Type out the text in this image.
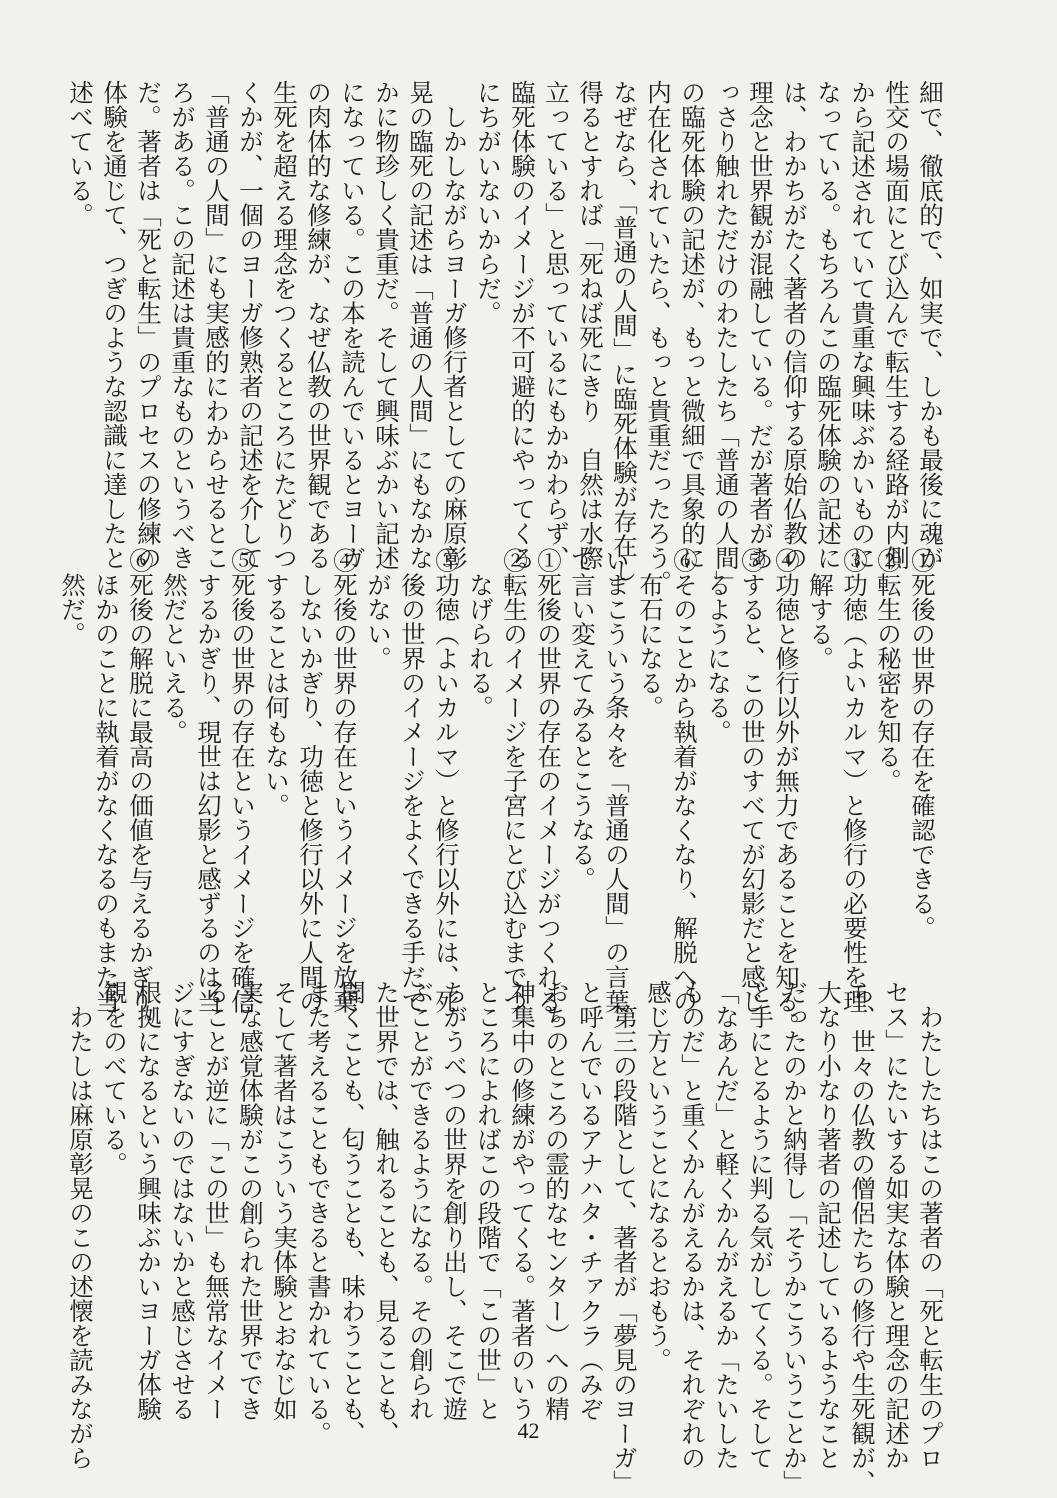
細で、徹底的で、如実で、しかも最後に魂が
性交の場面にとび込んで転生する経路が内側
から記述されていて貴重な興味ぶかいものに
なっている。もちろんこの臨死体験の記述に
は、わかちがたく著者の信仰する原始仏教の
理念と世界観が混融している。だが著者があ
っさり触れただけのわたしたち「普通の人間」
の臨死体験の記述が、もっと微細で具象的に
内在化されていたら、もっと貴重だったろう。
なぜなら、「普通の人間」に臨死体験が存在し
得るとすれば「死ねば死にきり　自然は水際
立っている」と思っているにもかかわらず、
臨死体験のイメージが不可避的にやってくる
にちがいないからだ。
　しかしながらヨーガ修行者としての麻原彰
晃の臨死の記述は「普通の人間」にもなかな
かに物珍しく貴重だ。そして興味ぶかい記述
になっている。この本を読んでいるとヨーガ
の肉体的な修練が、なぜ仏教の世界観である
生死を超える理念をつくるところにたどりつ
くかが、一個のヨーガ修熟者の記述を介して
「普通の人間」にも実感的にわからせるとこ
ろがある。この記述は貴重なものというべき
だ。著者は「死と転生」のプロセスの修練の
体験を通じて、つぎのような認識に達したと
述べている。
①死後の世界の存在を確認できる。
②転生の秘密を知る。
③功徳（よいカルマ）と修行の必要性を理
　解する。
④功徳と修行以外が無力であることを知る。
⑤すると、この世のすべてが幻影だと感じ
　るようになる。
⑥そのことから執着がなくなり、解脱への
　布石になる。
いまこういう条々を「普通の人間」の言葉
で言い変えてみるとこうなる。
①死後の世界の存在のイメージがつくれる。
②転生のイメージを子宮にとび込むまでつ
　なげられる。
③功徳（よいカルマ）と修行以外には、死
　後の世界のイメージをよくできる手だて
　がない。
④死後の世界の存在というイメージを放棄
　しないかぎり、功徳と修行以外に人間の
　することは何もない。
⑤死後の世界の存在というイメージを確信
　するかぎり、現世は幻影と感ずるのは当
　然だといえる。
⑥死後の解脱に最高の価値を与えるかぎり、
　ほかのことに執着がなくなるのもまた当
　然だ。
　わたしたちはこの著者の「死と転生のプロ
セス」にたいする如実な体験と理念の記述か
ら、世々の仏教の僧侶たちの修行や生死観が、
大なり小なり著者の記述しているようなこと
だったのかと納得し「そうかこういうことか」
と手にとるように判る気がしてくる。そして
「なあんだ」と軽くかんがえるか「たいした
ものだ」と重くかんがえるかは、それぞれの
感じ方ということになるとおもう。
　第三の段階として、著者が「夢見のヨーガ」
と呼んでいるアナハタ・チァクラ（みぞ
おちのところの霊的なセンター）への精
神集中の修練がやってくる。著者のいう
ところによればこの段階で「この世」と
ちがうべつの世界を創り出し、そこで遊
ぶことができるようになる。その創られ
た世界では、触れることも、見ることも、
聞くことも、匂うことも、味わうことも、
また考えることもできると書かれている。
そして著者はこういう実体験とおなじ如
実な感覚体験がこの創られた世界ででき
ることが逆に「この世」も無常なイメー
ジにすぎないのではないかと感じさせる
根拠になるという興味ぶかいヨーガ体験
観をのべている。
　わたしは麻原彰晃のこの述懐を読みながら	42
